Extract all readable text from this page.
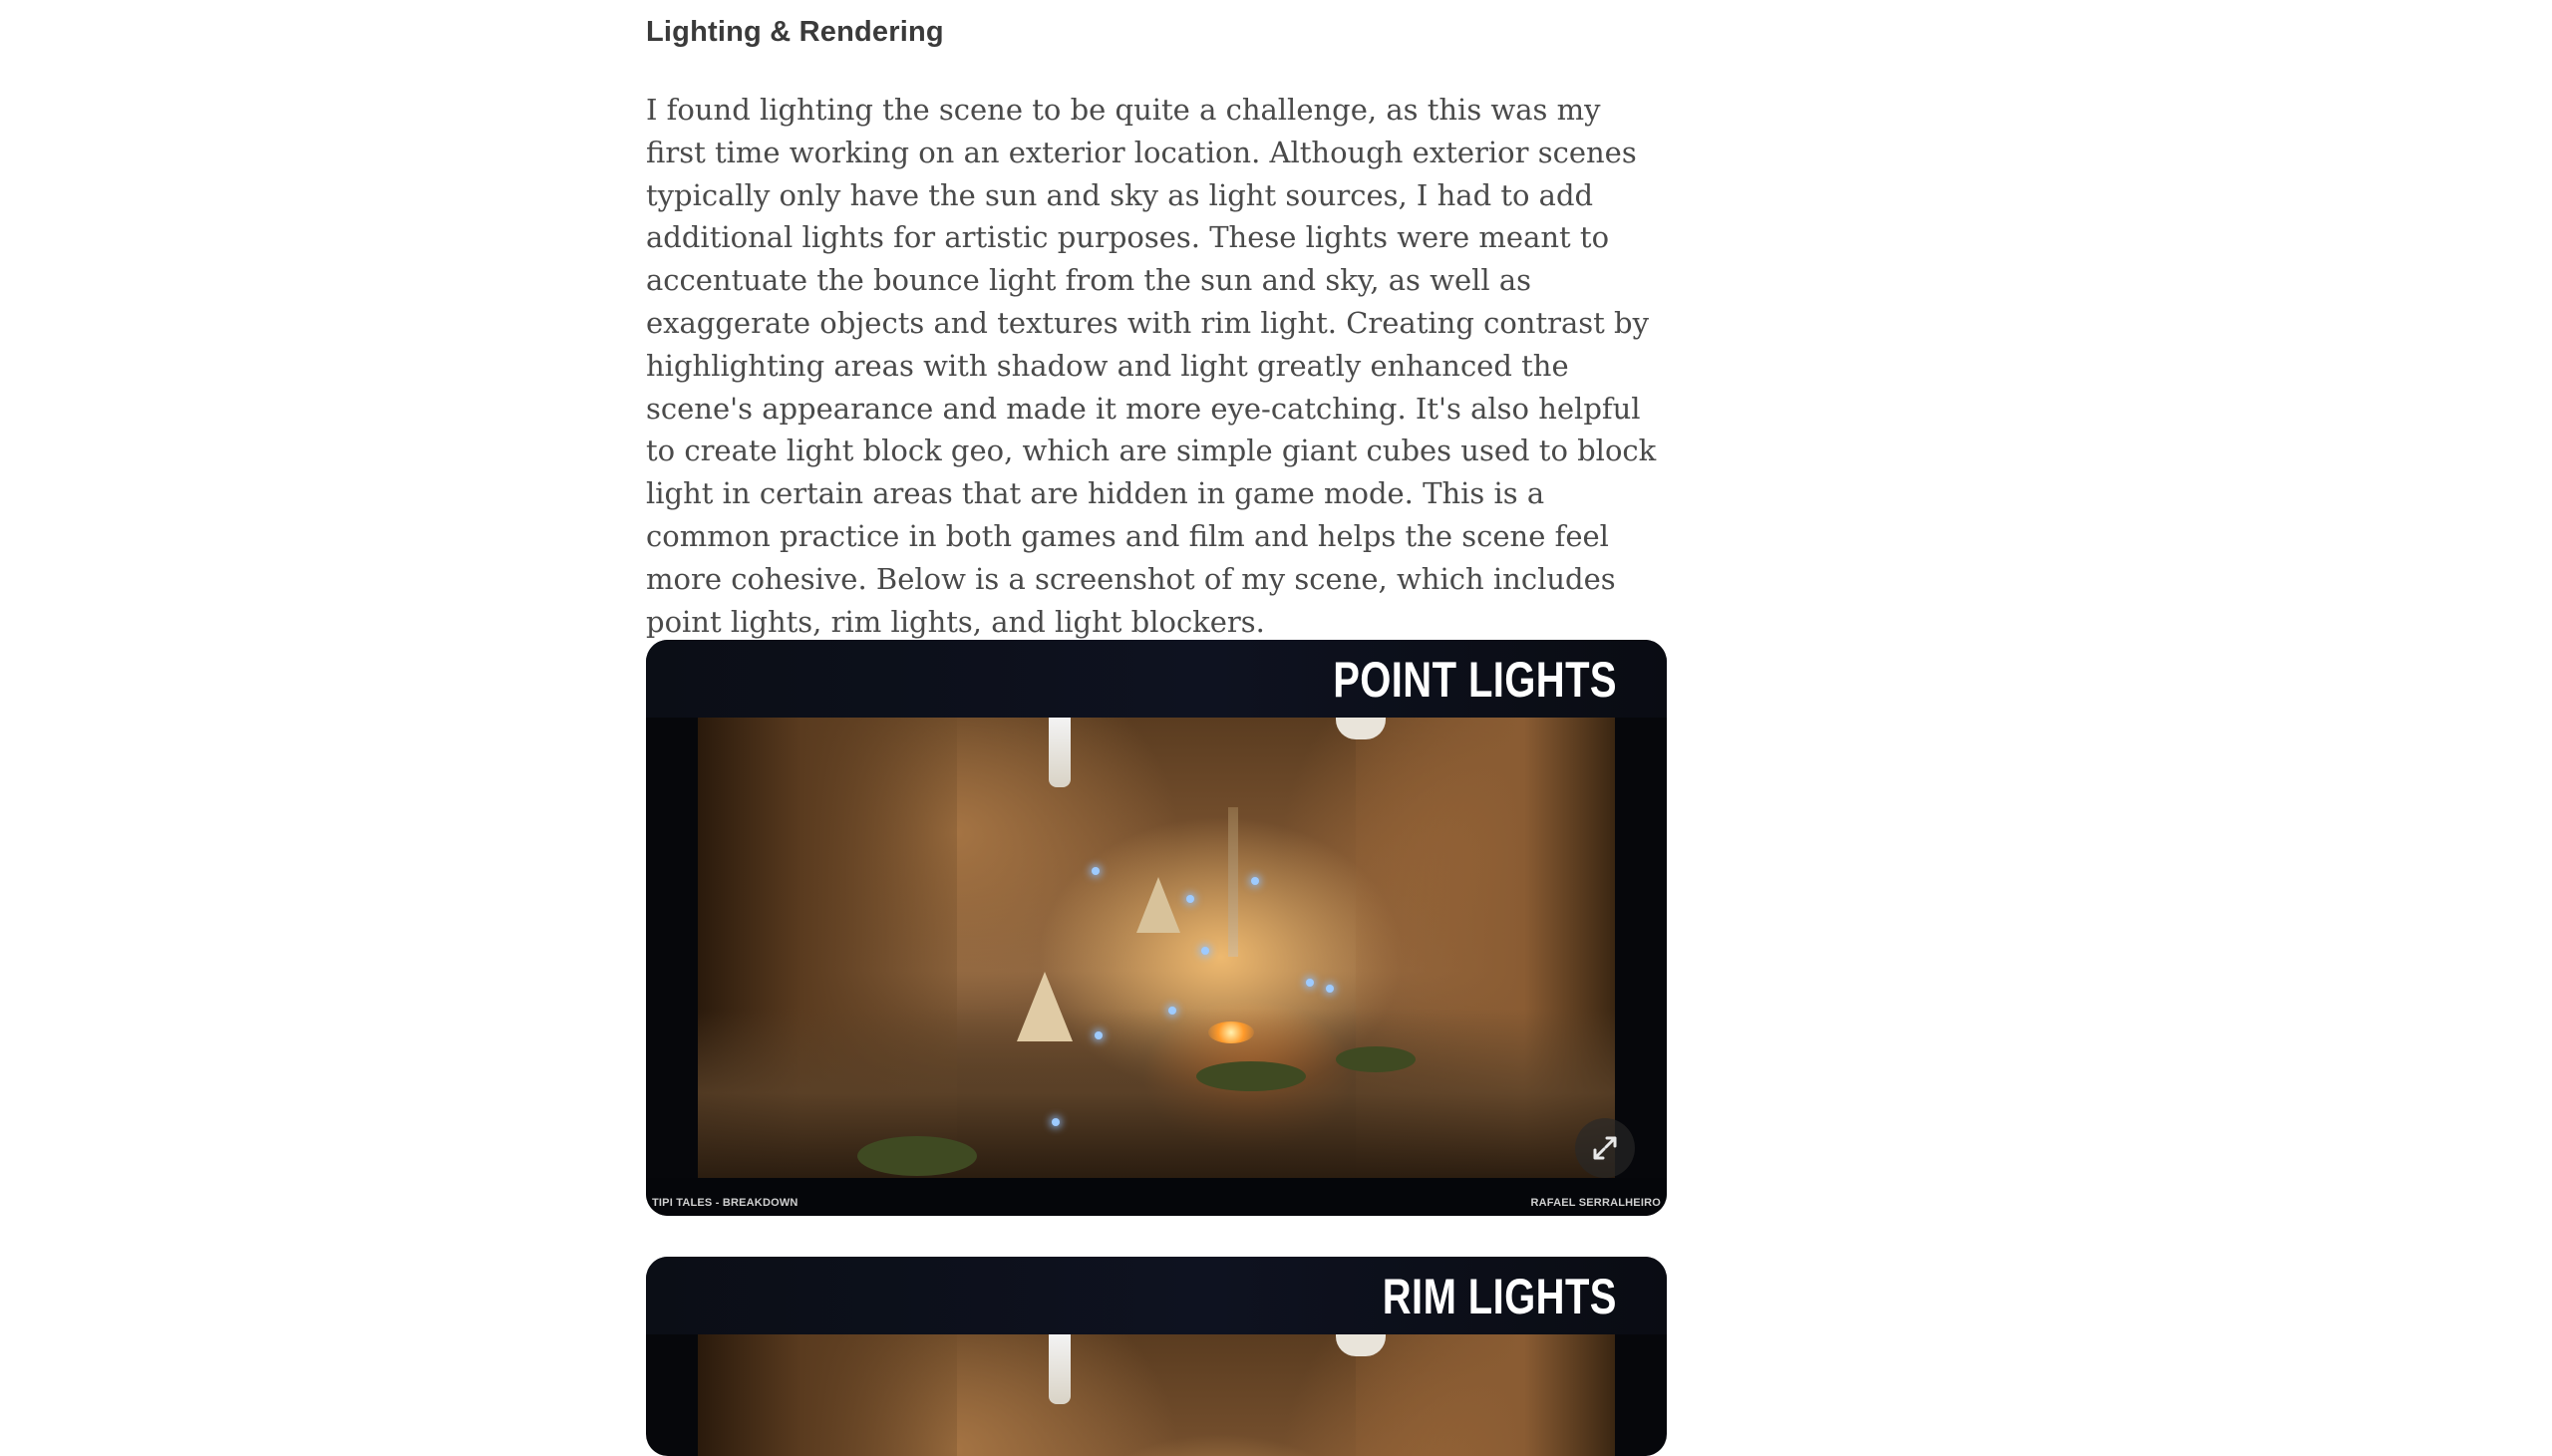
Lighting & Rendering

I found lighting the scene to be quite a challenge, as this was my first time working on an exterior location. Although exterior scenes typically only have the sun and sky as light sources, I had to add additional lights for artistic purposes. These lights were meant to accentuate the bounce light from the sun and sky, as well as exaggerate objects and textures with rim light. Creating contrast by highlighting areas with shadow and light greatly enhanced the scene's appearance and made it more eye-catching. It's also helpful to create light block geo, which are simple giant cubes used to block light in certain areas that are hidden in game mode. This is a common practice in both games and film and helps the scene feel more cohesive. Below is a screenshot of my scene, which includes point lights, rim lights, and light blockers.

POINT LIGHTS
TIPI TALES - BREAKDOWN	RAFAEL SERRALHEIRO
RIM LIGHTS
